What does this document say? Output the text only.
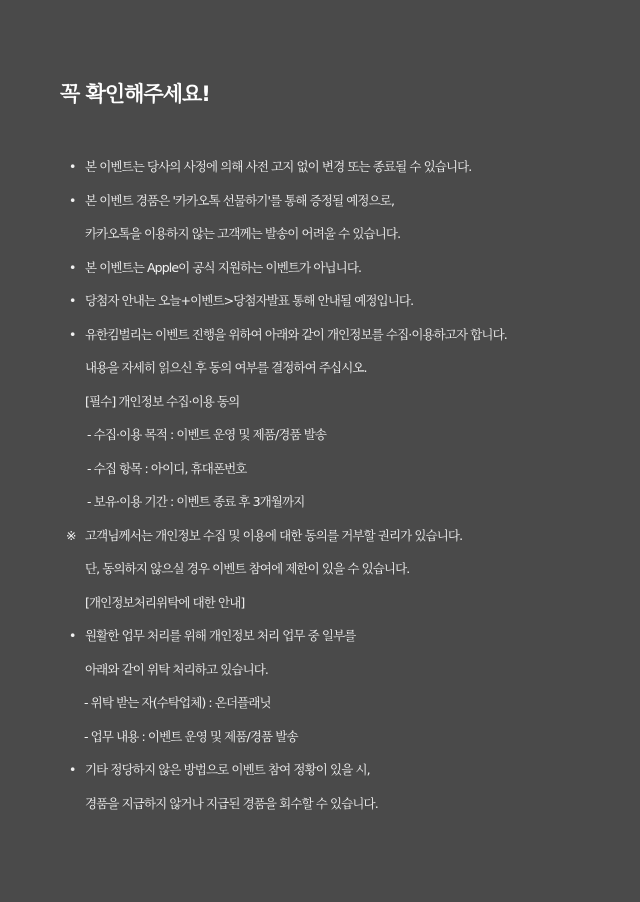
꼭 확인해주세요!
• 본 이벤트는 당사의 사정에 의해 사전 고지 없이 변경 또는 종료될 수 있습니다.
• 본 이벤트 경품은 '카카오톡 선물하기'를 통해 증정될 예정으로,
카카오톡을 이용하지 않는 고객께는 발송이 어려울 수 있습니다.
• 본 이벤트는 Apple이 공식 지원하는 이벤트가 아닙니다.
• 당첨자 안내는 오늘+이벤트>당첨자발표 통해 안내될 예정입니다.
• 유한킴벌리는 이벤트 진행을 위하여 아래와 같이 개인정보를 수집·이용하고자 합니다.
내용을 자세히 읽으신 후 동의 여부를 결정하여 주십시오.
[필수] 개인정보 수집·이용 동의
- 수집·이용 목적 : 이벤트 운영 및 제품/경품 발송
- 수집 항목 : 아이디, 휴대폰번호
- 보유·이용 기간 : 이벤트 종료 후 3개월까지
※ 고객님께서는 개인정보 수집 및 이용에 대한 동의를 거부할 권리가 있습니다.
단, 동의하지 않으실 경우 이벤트 참여에 제한이 있을 수 있습니다.
[개인정보처리위탁에 대한 안내]
• 원활한 업무 처리를 위해 개인정보 처리 업무 중 일부를
아래와 같이 위탁 처리하고 있습니다.
- 위탁 받는 자(수탁업체) : 온더플래닛
- 업무 내용 : 이벤트 운영 및 제품/경품 발송
• 기타 정당하지 않은 방법으로 이벤트 참여 정황이 있을 시,
경품을 지급하지 않거나 지급된 경품을 회수할 수 있습니다.
